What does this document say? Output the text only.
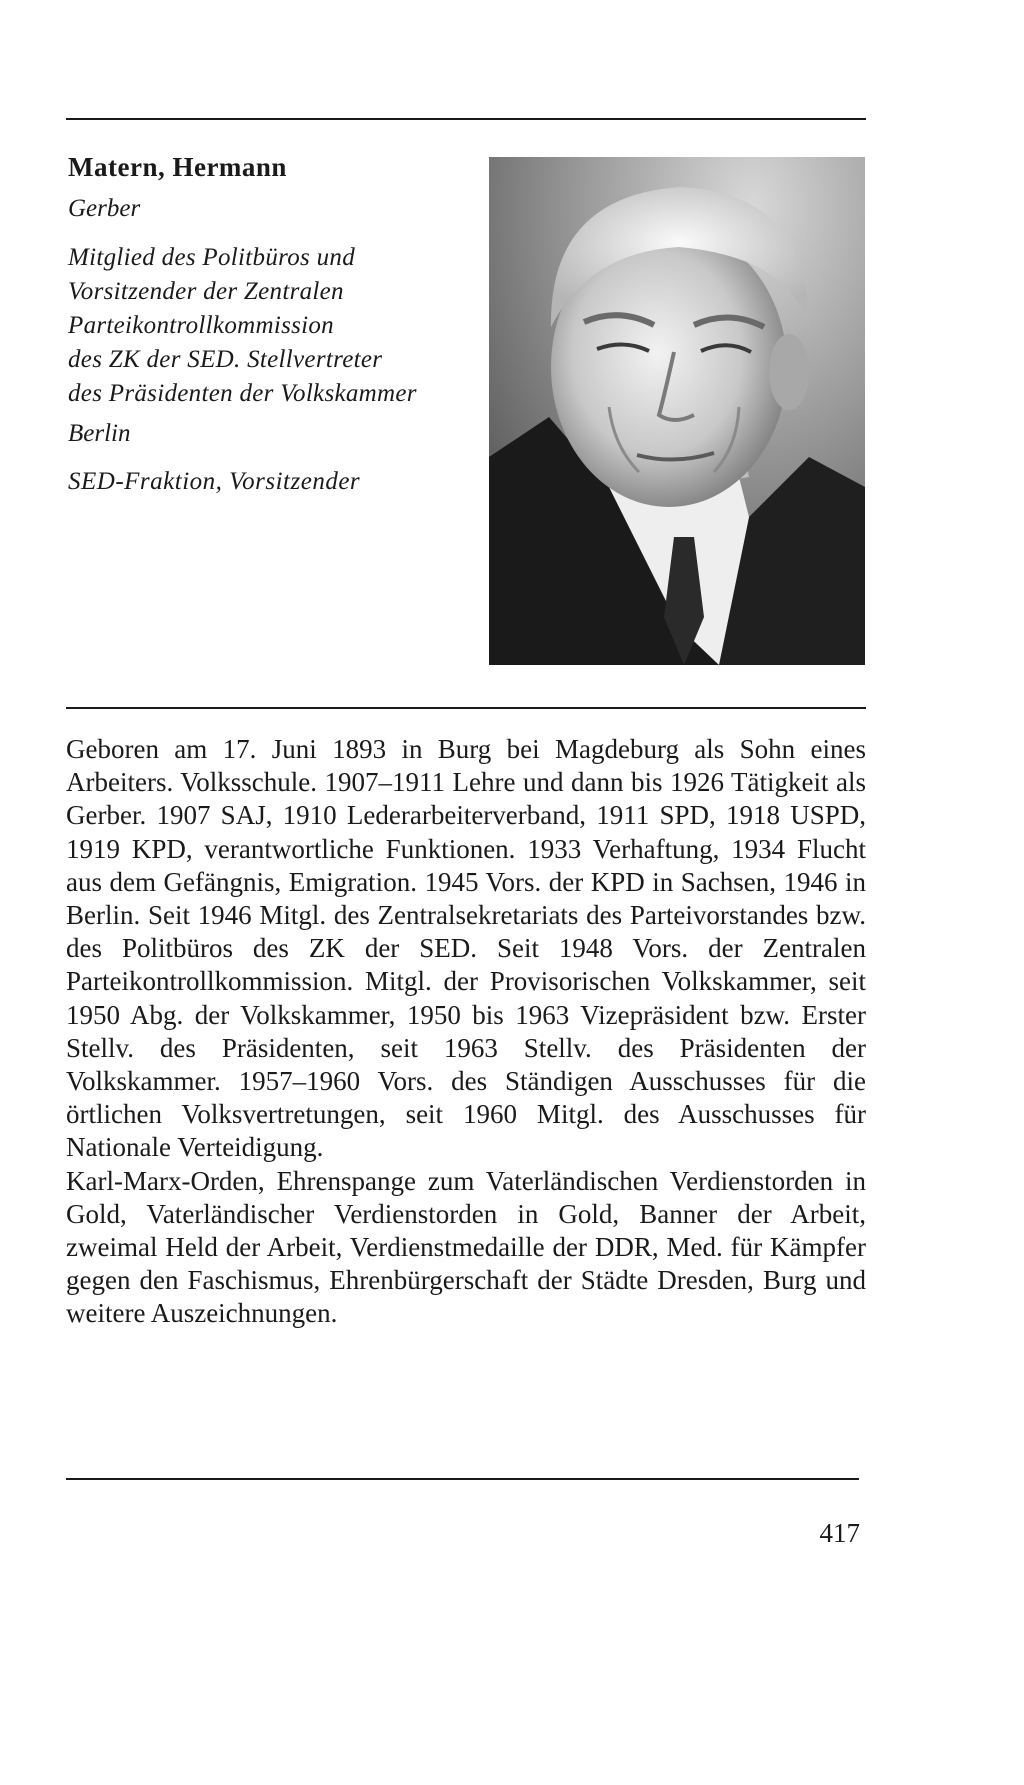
Matern, Hermann
Gerber
Mitglied des Politbüros und
Vorsitzender der Zentralen
Parteikontrollkommission
des ZK der SED. Stellvertreter
des Präsidenten der Volkskammer
Berlin
SED-Fraktion, Vorsitzender

Geboren am 17. Juni 1893 in Burg bei Magdeburg als Sohn eines Arbeiters. Volksschule. 1907–1911 Lehre und dann bis 1926 Tätigkeit als Gerber. 1907 SAJ, 1910 Lederarbeiterverband, 1911 SPD, 1918 USPD, 1919 KPD, verantwortliche Funktionen. 1933 Verhaftung, 1934 Flucht aus dem Gefängnis, Emigration. 1945 Vors. der KPD in Sachsen, 1946 in Berlin. Seit 1946 Mitgl. des Zentralsekretariats des Parteivorstandes bzw. des Politbüros des ZK der SED. Seit 1948 Vors. der Zentralen Parteikontrollkommission. Mitgl. der Provisorischen Volkskammer, seit 1950 Abg. der Volkskammer, 1950 bis 1963 Vizepräsident bzw. Erster Stellv. des Präsidenten, seit 1963 Stellv. des Präsidenten der Volkskammer. 1957–1960 Vors. des Ständigen Ausschusses für die örtlichen Volksvertretungen, seit 1960 Mitgl. des Ausschusses für Nationale Verteidigung.

Karl-Marx-Orden, Ehrenspange zum Vaterländischen Verdienstorden in Gold, Vaterländischer Verdienstorden in Gold, Banner der Arbeit, zweimal Held der Arbeit, Verdienstmedaille der DDR, Med. für Kämpfer gegen den Faschismus, Ehrenbürgerschaft der Städte Dresden, Burg und weitere Auszeichnungen.

417
